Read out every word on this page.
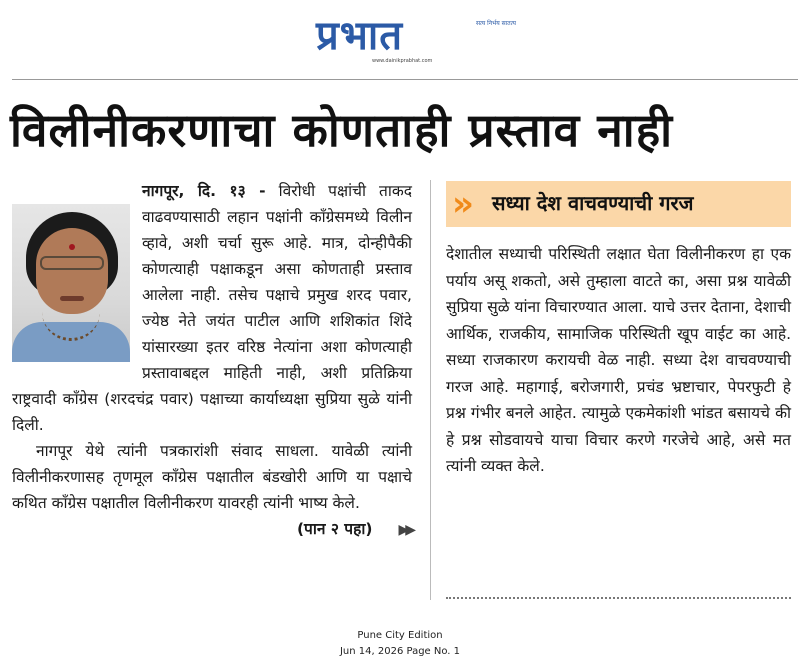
प्रभात	सत्य निर्भय सातत्य
www.dainikprabhat.com
विलीनीकरणाचा कोणताही प्रस्ताव नाही

नागपूर, दि. १३ - विरोधी पक्षांची ताकद वाढवण्यासाठी लहान पक्षांनी काँग्रेसमध्ये विलीन व्हावे, अशी चर्चा सुरू आहे. मात्र, दोन्हीपैकी कोणत्याही पक्षाकडून असा कोणताही प्रस्ताव आलेला नाही. तसेच पक्षाचे प्रमुख शरद पवार, ज्येष्ठ नेते जयंत पाटील आणि शशिकांत शिंदे यांसारख्या इतर वरिष्ठ नेत्यांना अशा कोणत्याही प्रस्तावाबद्दल माहिती नाही, अशी प्रतिक्रिया राष्ट्रवादी काँग्रेस (शरदचंद्र पवार) पक्षाच्या कार्याध्यक्षा सुप्रिया सुळे यांनी दिली.

नागपूर येथे त्यांनी पत्रकारांशी संवाद साधला. यावेळी त्यांनी विलीनीकरणासह तृणमूल काँग्रेस पक्षातील बंडखोरी आणि या पक्षाचे कथित काँग्रेस पक्षातील विलीनीकरण यावरही त्यांनी भाष्य केले.
(पान २ पहा) ▶▶

» सध्या देश वाचवण्याची गरज
देशातील सध्याची परिस्थिती लक्षात घेता विलीनीकरण हा एक पर्याय असू शकतो, असे तुम्हाला वाटते का, असा प्रश्न यावेळी सुप्रिया सुळे यांना विचारण्यात आला. याचे उत्तर देताना, देशाची आर्थिक, राजकीय, सामाजिक परिस्थिती खूप वाईट का आहे. सध्या राजकारण करायची वेळ नाही. सध्या देश वाचवण्याची गरज आहे. महागाई, बरोजगारी, प्रचंड भ्रष्टाचार, पेपरफुटी हे प्रश्न गंभीर बनले आहेत. त्यामुळे एकमेकांशी भांडत बसायचे की हे प्रश्न सोडवायचे याचा विचार करणे गरजेचे आहे, असे मत त्यांनी व्यक्त केले.
Pune City Edition
Jun 14, 2026 Page No. 1
